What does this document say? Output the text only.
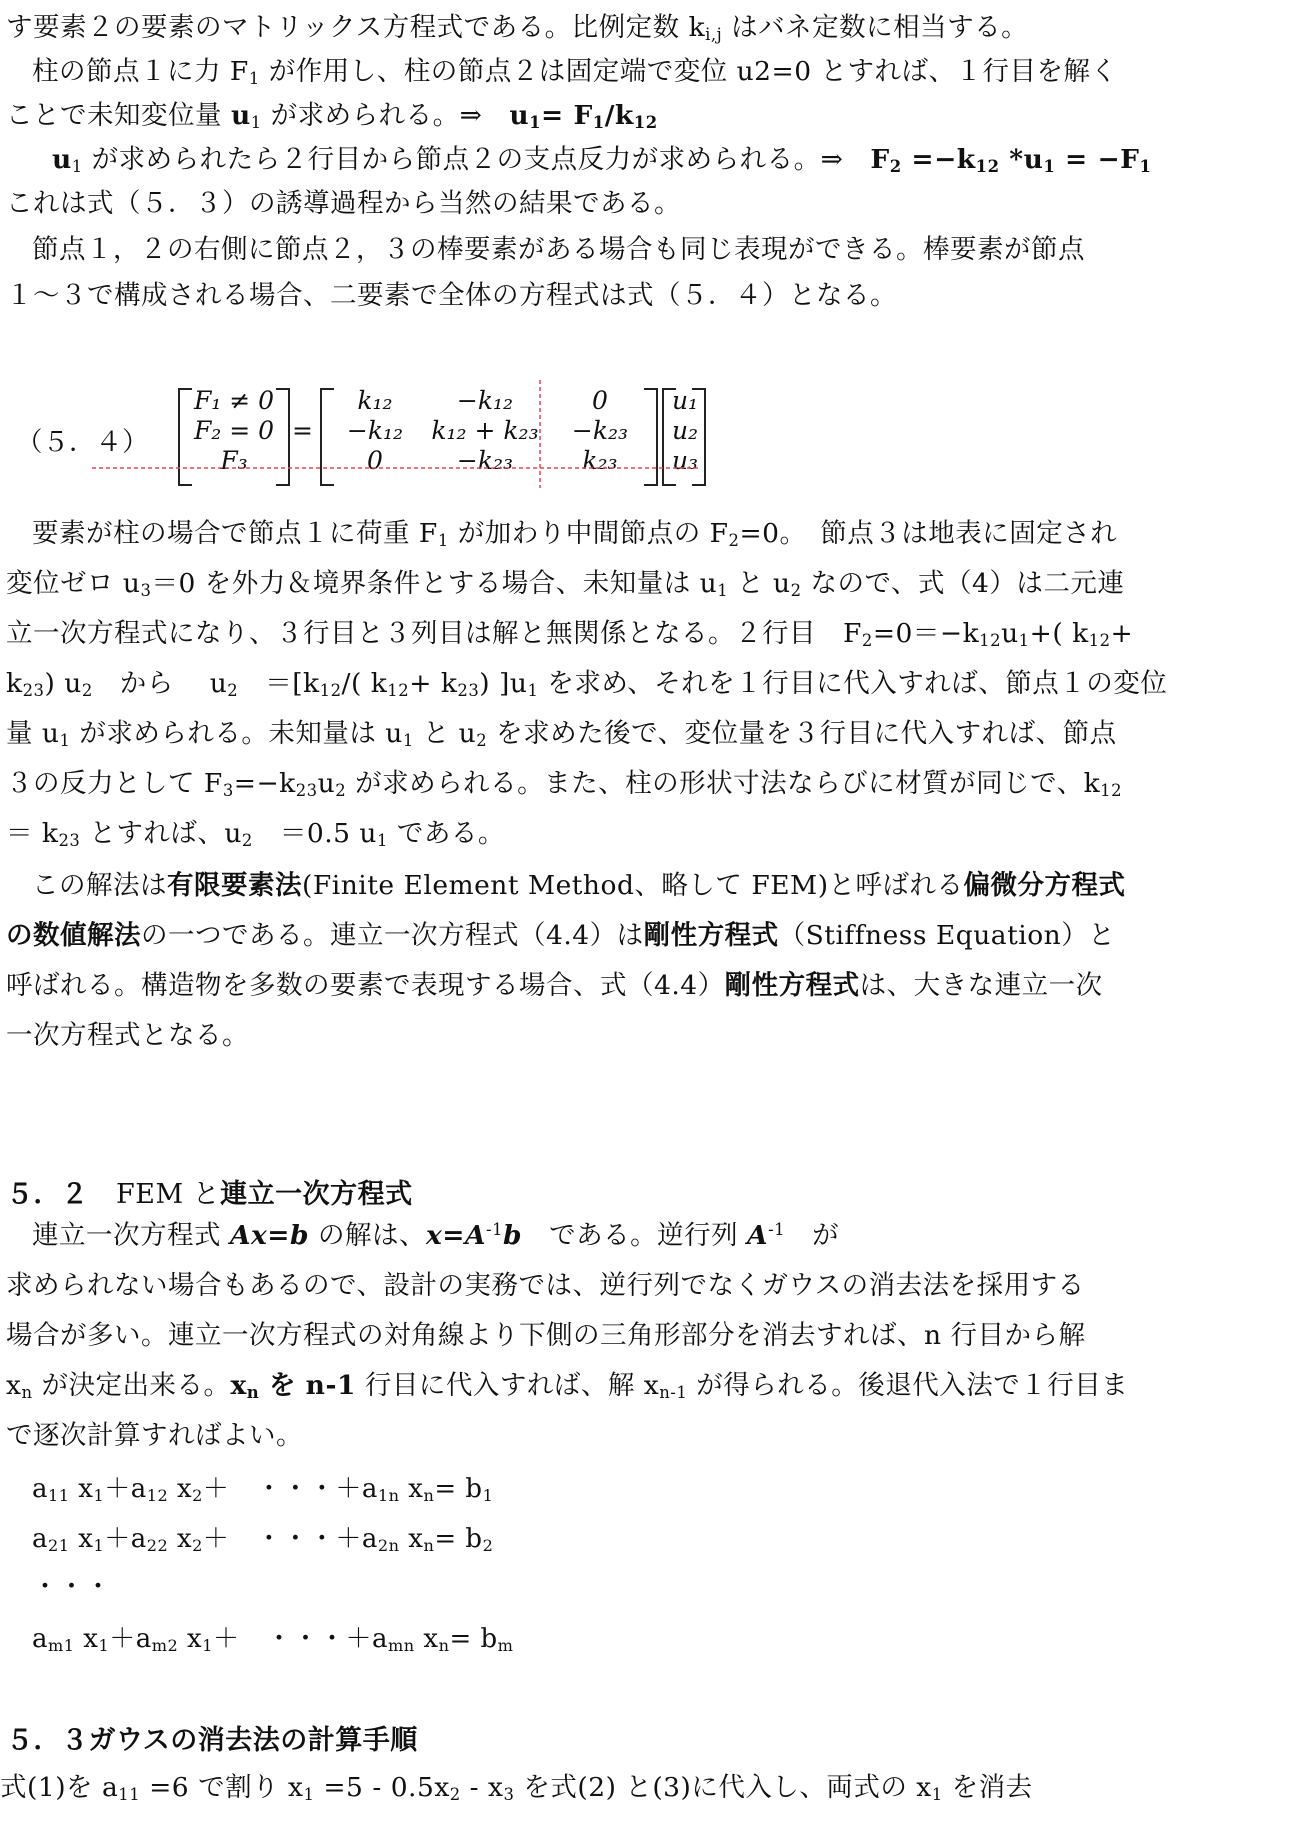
す要素２の要素のマトリックス方程式である。比例定数 $k_{i,j}$ はバネ定数に相当する。
柱の節点１に力 $F_1$ が作用し、柱の節点２は固定端で変位 u2=0 とすれば、１行目を解く
ことで未知変位量 $u_1$ が求められる。⇒　$u_1= F_1/k_{12}$
$u_1$ が求められたら２行目から節点２の支点反力が求められる。⇒　$F_2 =-k_{12}$ $*u_1 = -F_1$
これは式（５．３）の誘導過程から当然の結果である。
節点１，２の右側に節点２，３の棒要素がある場合も同じ表現ができる。棒要素が節点
１～３で構成される場合、二要素で全体の方程式は式（５．４）となる。
（５．４）
F₁ ≠ 0
F₂ = 0
F₃
=
k₁₂	−k₁₂	0
−k₁₂	k₁₂ + k₂₃	−k₂₃
0	−k₂₃	k₂₃
u₁
u₂
u₃
要素が柱の場合で節点１に荷重 $F_1$ が加わり中間節点の $F_2=0$。　節点３は地表に固定され
変位ゼロ $u_3=0$ を外力＆境界条件とする場合、未知量は $u_1$ と $u_2$ なので、式（4）は二元連
立一次方程式になり、３行目と３列目は解と無関係となる。２行目　$F_2=0=-k_{12}u_1+$( $k_{12}+$
$k_{23}$) $u_2$　から　 $u_2$　$=[k_{12}/$( $k_{12}+ k_{23}$) ]$u_1$ を求め、それを１行目に代入すれば、節点１の変位
量 $u_1$ が求められる。未知量は $u_1$ と $u_2$ を求めた後で、変位量を３行目に代入すれば、節点
３の反力として $F_3=-k_{23}u_2$ が求められる。また、柱の形状寸法ならびに材質が同じで、$k_{12}$
＝ $k_{23}$ とすれば、$u_2$　＝0.5 $u_1$ である。
この解法は有限要素法(Finite Element Method、略して FEM)と呼ばれる偏微分方程式
の数値解法の一つである。連立一次方程式（4.4）は剛性方程式（Stiffness Equation）と
呼ばれる。構造物を多数の要素で表現する場合、式（4.4）剛性方程式は、大きな連立一次
一次方程式となる。
５．２　FEM と連立一次方程式
連立一次方程式 Ax=b の解は、$x=A^{-1}b$　である。逆行列 $A^{-1}$　が
求められない場合もあるので、設計の実務では、逆行列でなくガウスの消去法を採用する
場合が多い。連立一次方程式の対角線より下側の三角形部分を消去すれば、n 行目から解
$x_n$ が決定出来る。$x_n$ を n-1 行目に代入すれば、解 $x_{n-1}$ が得られる。後退代入法で１行目ま
で逐次計算すればよい。
$a_{11}$ $x_1+a_{12}$ $x_2+$　・・・$+a_{1n}$ $x_n= b_1$
$a_{21}$ $x_1+a_{22}$ $x_2+$　・・・$+a_{2n}$ $x_n= b_2$
・・・
$a_{m1}$ $x_1+a_{m2}$ $x_1+$　・・・$+a_{mn}$ $x_n= b_m$
５．３ガウスの消去法の計算手順
式(1)を $a_{11} =6$ で割り $x_1 =5 - 0.5x_2 - x_3$ を式(2) と(3)に代入し、両式の $x_1$ を消去
